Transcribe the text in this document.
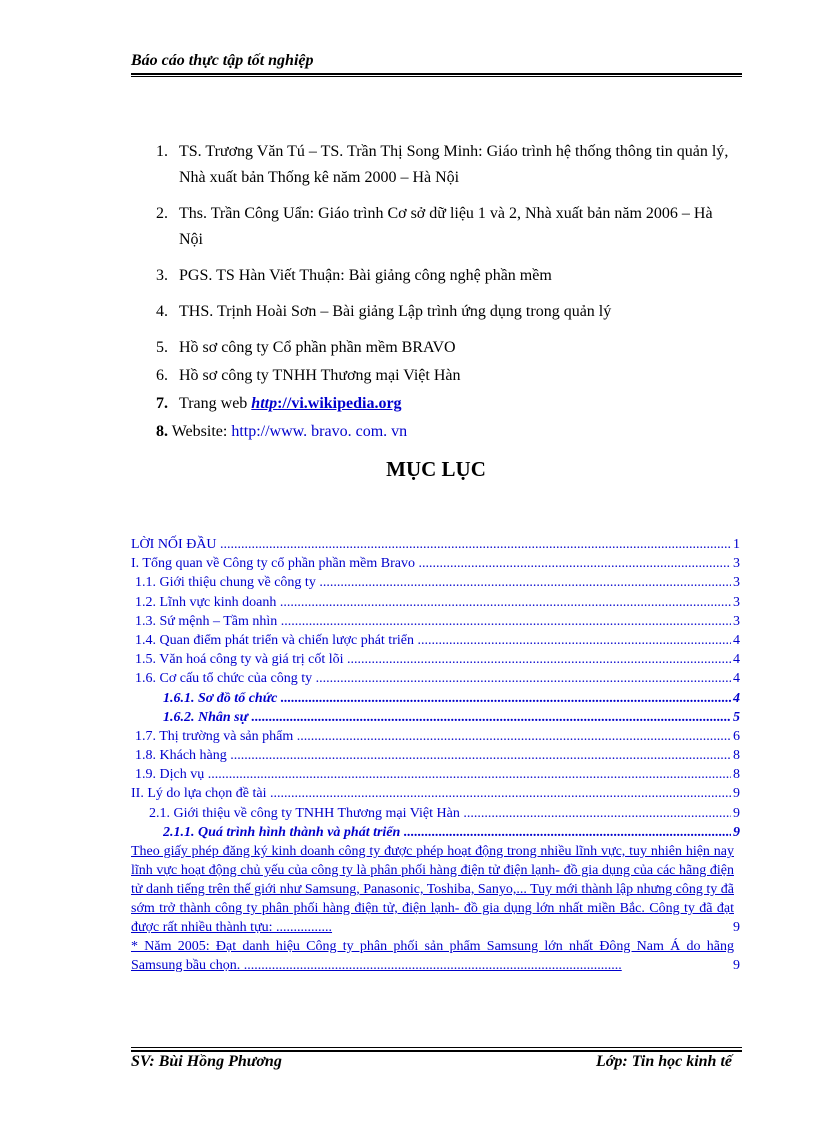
Báo cáo thực tập tốt nghiệp
1. TS. Trương Văn Tú – TS. Trần Thị Song Minh: Giáo trình hệ thống thông tin quản lý, Nhà xuất bản Thống kê năm 2000 – Hà Nội
2. Ths. Trần Công Uẩn: Giáo trình Cơ sở dữ liệu 1 và 2, Nhà xuất bản năm 2006 – Hà Nội
3. PGS. TS Hàn Viết Thuận: Bài giảng công nghệ phần mềm
4. THS. Trịnh Hoài Sơn – Bài giảng Lập trình ứng dụng trong quản lý
5. Hồ sơ công ty Cổ phần phần mềm BRAVO
6. Hồ sơ công ty TNHH Thương mại Việt Hàn
7. Trang web http://vi.wikipedia.org
8. Website: http://www. bravo. com. vn
MỤC LỤC
LỜI NỐI ĐẦU .....	1
I. Tổng quan về Công ty cổ phần phần mềm Bravo .....	3
1.1. Giới thiệu chung về công ty .....	3
1.2. Lĩnh vực kinh doanh .....	3
1.3. Sứ mệnh – Tầm nhìn .....	3
1.4. Quan điểm phát triển và chiến lược phát triển .....	4
1.5. Văn hoá công ty và giá trị cốt lõi .....	4
1.6. Cơ cấu tổ chức của công ty .....	4
1.6.1. Sơ đồ tổ chức .....	4
1.6.2. Nhân sự .....	5
1.7. Thị trường và sản phẩm .....	6
1.8. Khách hàng .....	8
1.9. Dịch vụ .....	8
II. Lý do lựa chọn đề tài .....	9
2.1. Giới thiệu về công ty TNHH Thương mại Việt Hàn .....	9
2.1.1. Quá trình hình thành và phát triển .....	9
Theo giấy phép đăng ký kinh doanh công ty được phép hoạt động trong nhiều lĩnh vực, tuy nhiên hiện nay lĩnh vực hoạt động chủ yếu của công ty là phân phối hàng điện tử điện lạnh- đồ gia dụng của các hãng điện tử danh tiếng trên thế giới như Samsung, Panasonic, Toshiba, Sanyo,... Tuy mới thành lập nhưng công ty đã sớm trở thành công ty phân phối hàng điện tử, điện lạnh- đồ gia dụng lớn nhất miền Bắc. Công ty đã đạt được rất nhiều thành tựu: ................	9
* Năm 2005: Đạt danh hiệu Công ty phân phối sản phẩm Samsung lớn nhất Đông Nam Á do hãng Samsung bầu chọn. ............................................................................................................	9
SV: Bùi Hồng Phương	Lớp: Tin học kinh tế
